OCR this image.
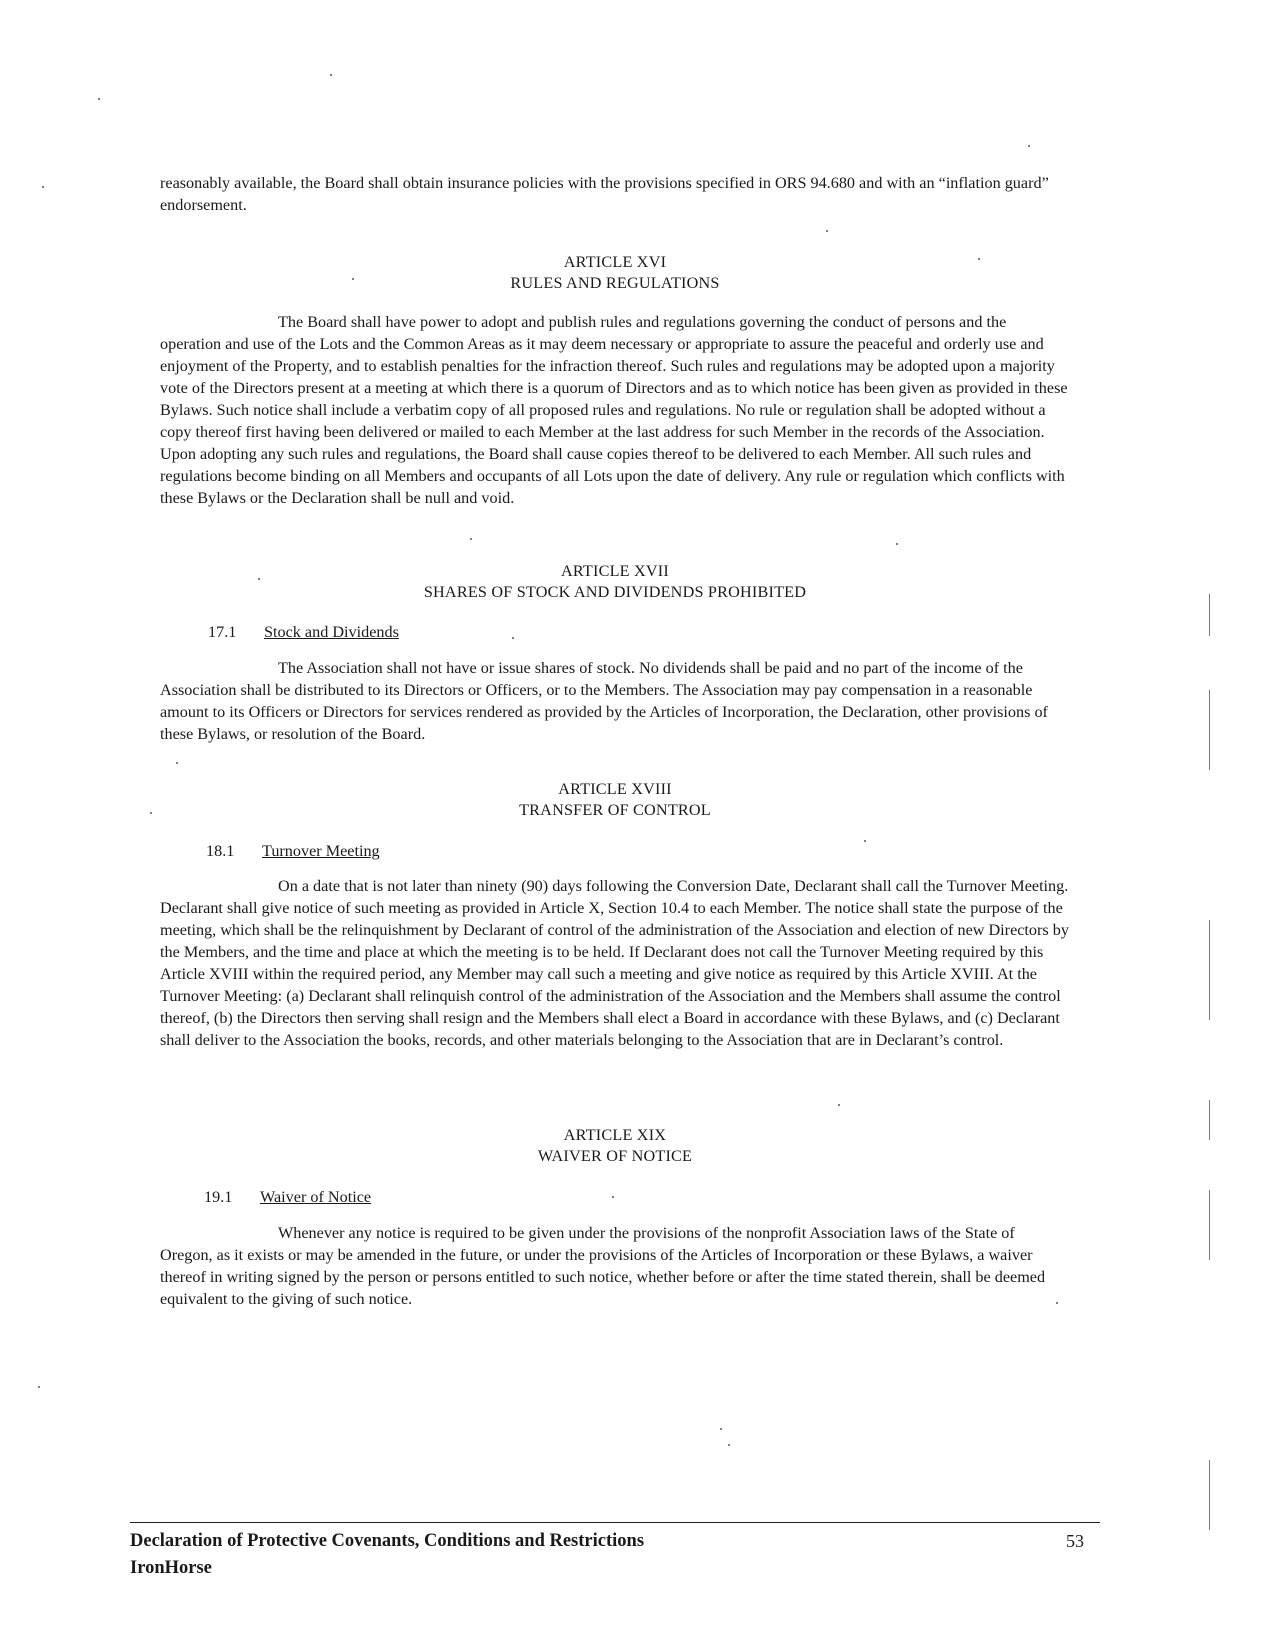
reasonably available, the Board shall obtain insurance policies with the provisions specified in ORS 94.680 and with an “inflation guard” endorsement.
ARTICLE XVI
RULES AND REGULATIONS
The Board shall have power to adopt and publish rules and regulations governing the conduct of persons and the operation and use of the Lots and the Common Areas as it may deem necessary or appropriate to assure the peaceful and orderly use and enjoyment of the Property, and to establish penalties for the infraction thereof. Such rules and regulations may be adopted upon a majority vote of the Directors present at a meeting at which there is a quorum of Directors and as to which notice has been given as provided in these Bylaws. Such notice shall include a verbatim copy of all proposed rules and regulations. No rule or regulation shall be adopted without a copy thereof first having been delivered or mailed to each Member at the last address for such Member in the records of the Association. Upon adopting any such rules and regulations, the Board shall cause copies thereof to be delivered to each Member. All such rules and regulations become binding on all Members and occupants of all Lots upon the date of delivery. Any rule or regulation which conflicts with these Bylaws or the Declaration shall be null and void.
ARTICLE XVII
SHARES OF STOCK AND DIVIDENDS PROHIBITED
17.1 Stock and Dividends
The Association shall not have or issue shares of stock. No dividends shall be paid and no part of the income of the Association shall be distributed to its Directors or Officers, or to the Members. The Association may pay compensation in a reasonable amount to its Officers or Directors for services rendered as provided by the Articles of Incorporation, the Declaration, other provisions of these Bylaws, or resolution of the Board.
ARTICLE XVIII
TRANSFER OF CONTROL
18.1 Turnover Meeting
On a date that is not later than ninety (90) days following the Conversion Date, Declarant shall call the Turnover Meeting. Declarant shall give notice of such meeting as provided in Article X, Section 10.4 to each Member. The notice shall state the purpose of the meeting, which shall be the relinquishment by Declarant of control of the administration of the Association and election of new Directors by the Members, and the time and place at which the meeting is to be held. If Declarant does not call the Turnover Meeting required by this Article XVIII within the required period, any Member may call such a meeting and give notice as required by this Article XVIII. At the Turnover Meeting: (a) Declarant shall relinquish control of the administration of the Association and the Members shall assume the control thereof, (b) the Directors then serving shall resign and the Members shall elect a Board in accordance with these Bylaws, and (c) Declarant shall deliver to the Association the books, records, and other materials belonging to the Association that are in Declarant’s control.
ARTICLE XIX
WAIVER OF NOTICE
19.1 Waiver of Notice
Whenever any notice is required to be given under the provisions of the nonprofit Association laws of the State of Oregon, as it exists or may be amended in the future, or under the provisions of the Articles of Incorporation or these Bylaws, a waiver thereof in writing signed by the person or persons entitled to such notice, whether before or after the time stated therein, shall be deemed equivalent to the giving of such notice.
Declaration of Protective Covenants, Conditions and Restrictions
IronHorse
53
